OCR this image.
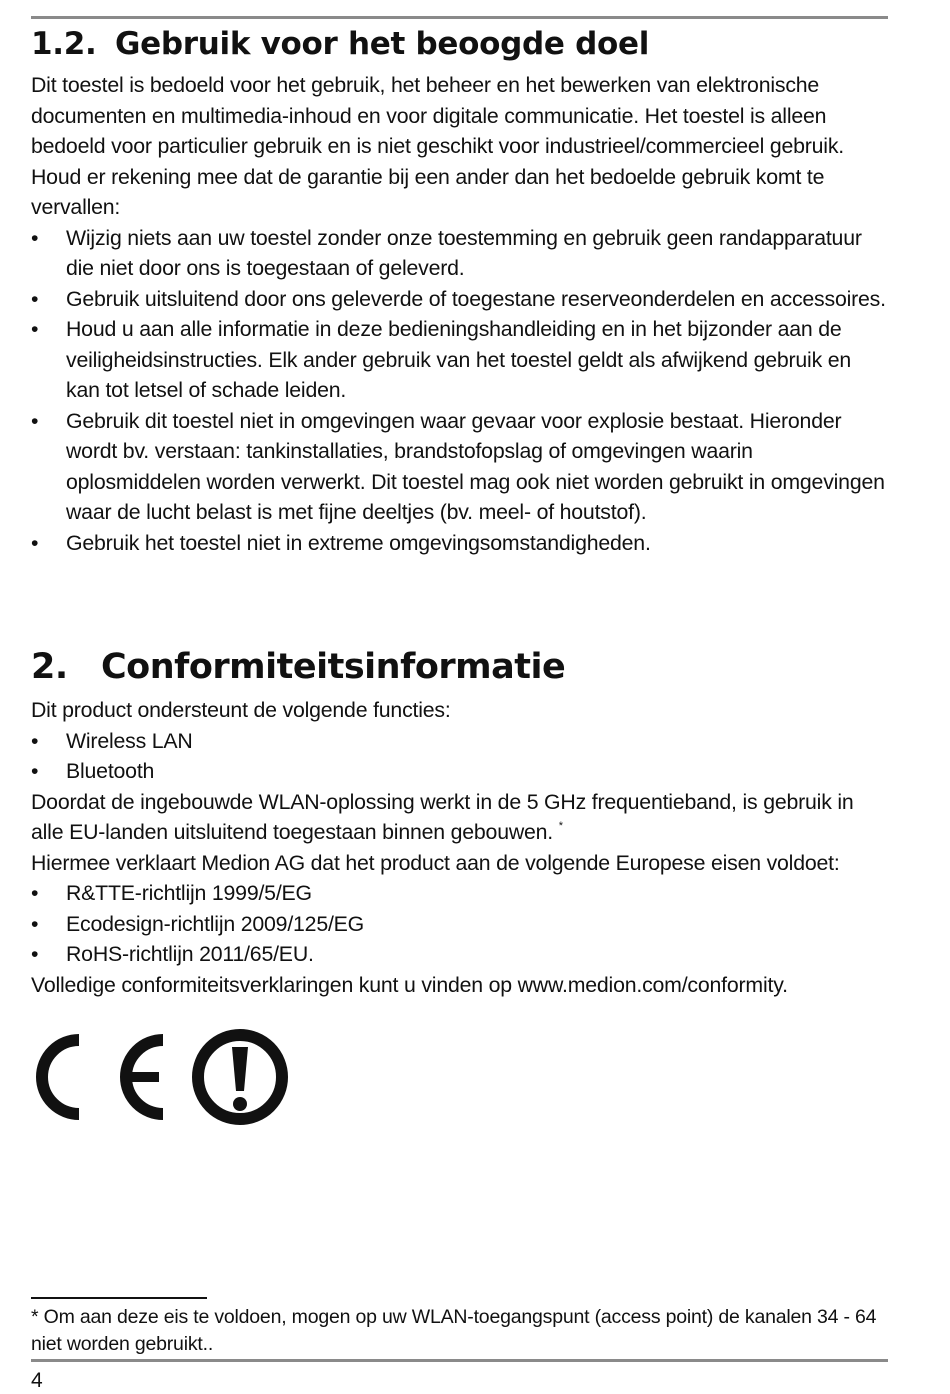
1.2. Gebruik voor het beoogde doel

Dit toestel is bedoeld voor het gebruik, het beheer en het bewerken van elektronische documenten en multimedia-inhoud en voor digitale communicatie. Het toestel is alleen bedoeld voor particulier gebruik en is niet geschikt voor industrieel/commercieel gebruik.

Houd er rekening mee dat de garantie bij een ander dan het bedoelde gebruik komt te vervallen:

• Wijzig niets aan uw toestel zonder onze toestemming en gebruik geen randapparatuur die niet door ons is toegestaan of geleverd.
• Gebruik uitsluitend door ons geleverde of toegestane reserveonderdelen en accessoires.
• Houd u aan alle informatie in deze bedieningshandleiding en in het bijzonder aan de veiligheidsinstructies. Elk ander gebruik van het toestel geldt als afwijkend gebruik en kan tot letsel of schade leiden.
• Gebruik dit toestel niet in omgevingen waar gevaar voor explosie bestaat. Hieronder wordt bv. verstaan: tankinstallaties, brandstofopslag of omgevingen waarin oplosmiddelen worden verwerkt. Dit toestel mag ook niet worden gebruikt in omgevingen waar de lucht belast is met fijne deeltjes (bv. meel- of houtstof).
• Gebruik het toestel niet in extreme omgevingsomstandigheden.
2. Conformiteitsinformatie

Dit product ondersteunt de volgende functies:

• Wireless LAN
• Bluetooth

Doordat de ingebouwde WLAN-oplossing werkt in de 5 GHz frequentieband, is gebruik in alle EU-landen uitsluitend toegestaan binnen gebouwen. *

Hiermee verklaart Medion AG dat het product aan de volgende Europese eisen voldoet:

• R&TTE-richtlijn 1999/5/EG
• Ecodesign-richtlijn 2009/125/EG
• RoHS-richtlijn 2011/65/EU.

Volledige conformiteitsverklaringen kunt u vinden op www.medion.com/conformity.

* Om aan deze eis te voldoen, mogen op uw WLAN-toegangspunt (access point) de kanalen 34 - 64 niet worden gebruikt..

4
